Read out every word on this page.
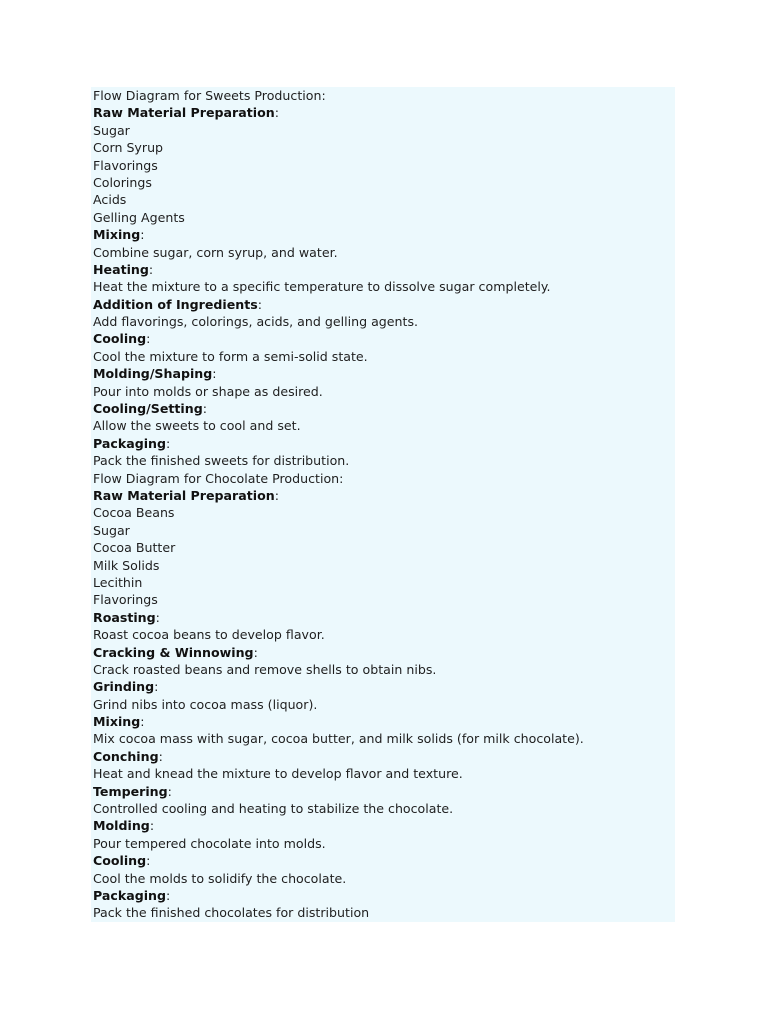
Flow Diagram for Sweets Production:
Raw Material Preparation:
Sugar
Corn Syrup
Flavorings
Colorings
Acids
Gelling Agents
Mixing:
Combine sugar, corn syrup, and water.
Heating:
Heat the mixture to a specific temperature to dissolve sugar completely.
Addition of Ingredients:
Add flavorings, colorings, acids, and gelling agents.
Cooling:
Cool the mixture to form a semi-solid state.
Molding/Shaping:
Pour into molds or shape as desired.
Cooling/Setting:
Allow the sweets to cool and set.
Packaging:
Pack the finished sweets for distribution.
Flow Diagram for Chocolate Production:
Raw Material Preparation:
Cocoa Beans
Sugar
Cocoa Butter
Milk Solids
Lecithin
Flavorings
Roasting:
Roast cocoa beans to develop flavor.
Cracking & Winnowing:
Crack roasted beans and remove shells to obtain nibs.
Grinding:
Grind nibs into cocoa mass (liquor).
Mixing:
Mix cocoa mass with sugar, cocoa butter, and milk solids (for milk chocolate).
Conching:
Heat and knead the mixture to develop flavor and texture.
Tempering:
Controlled cooling and heating to stabilize the chocolate.
Molding:
Pour tempered chocolate into molds.
Cooling:
Cool the molds to solidify the chocolate.
Packaging:
Pack the finished chocolates for distribution
